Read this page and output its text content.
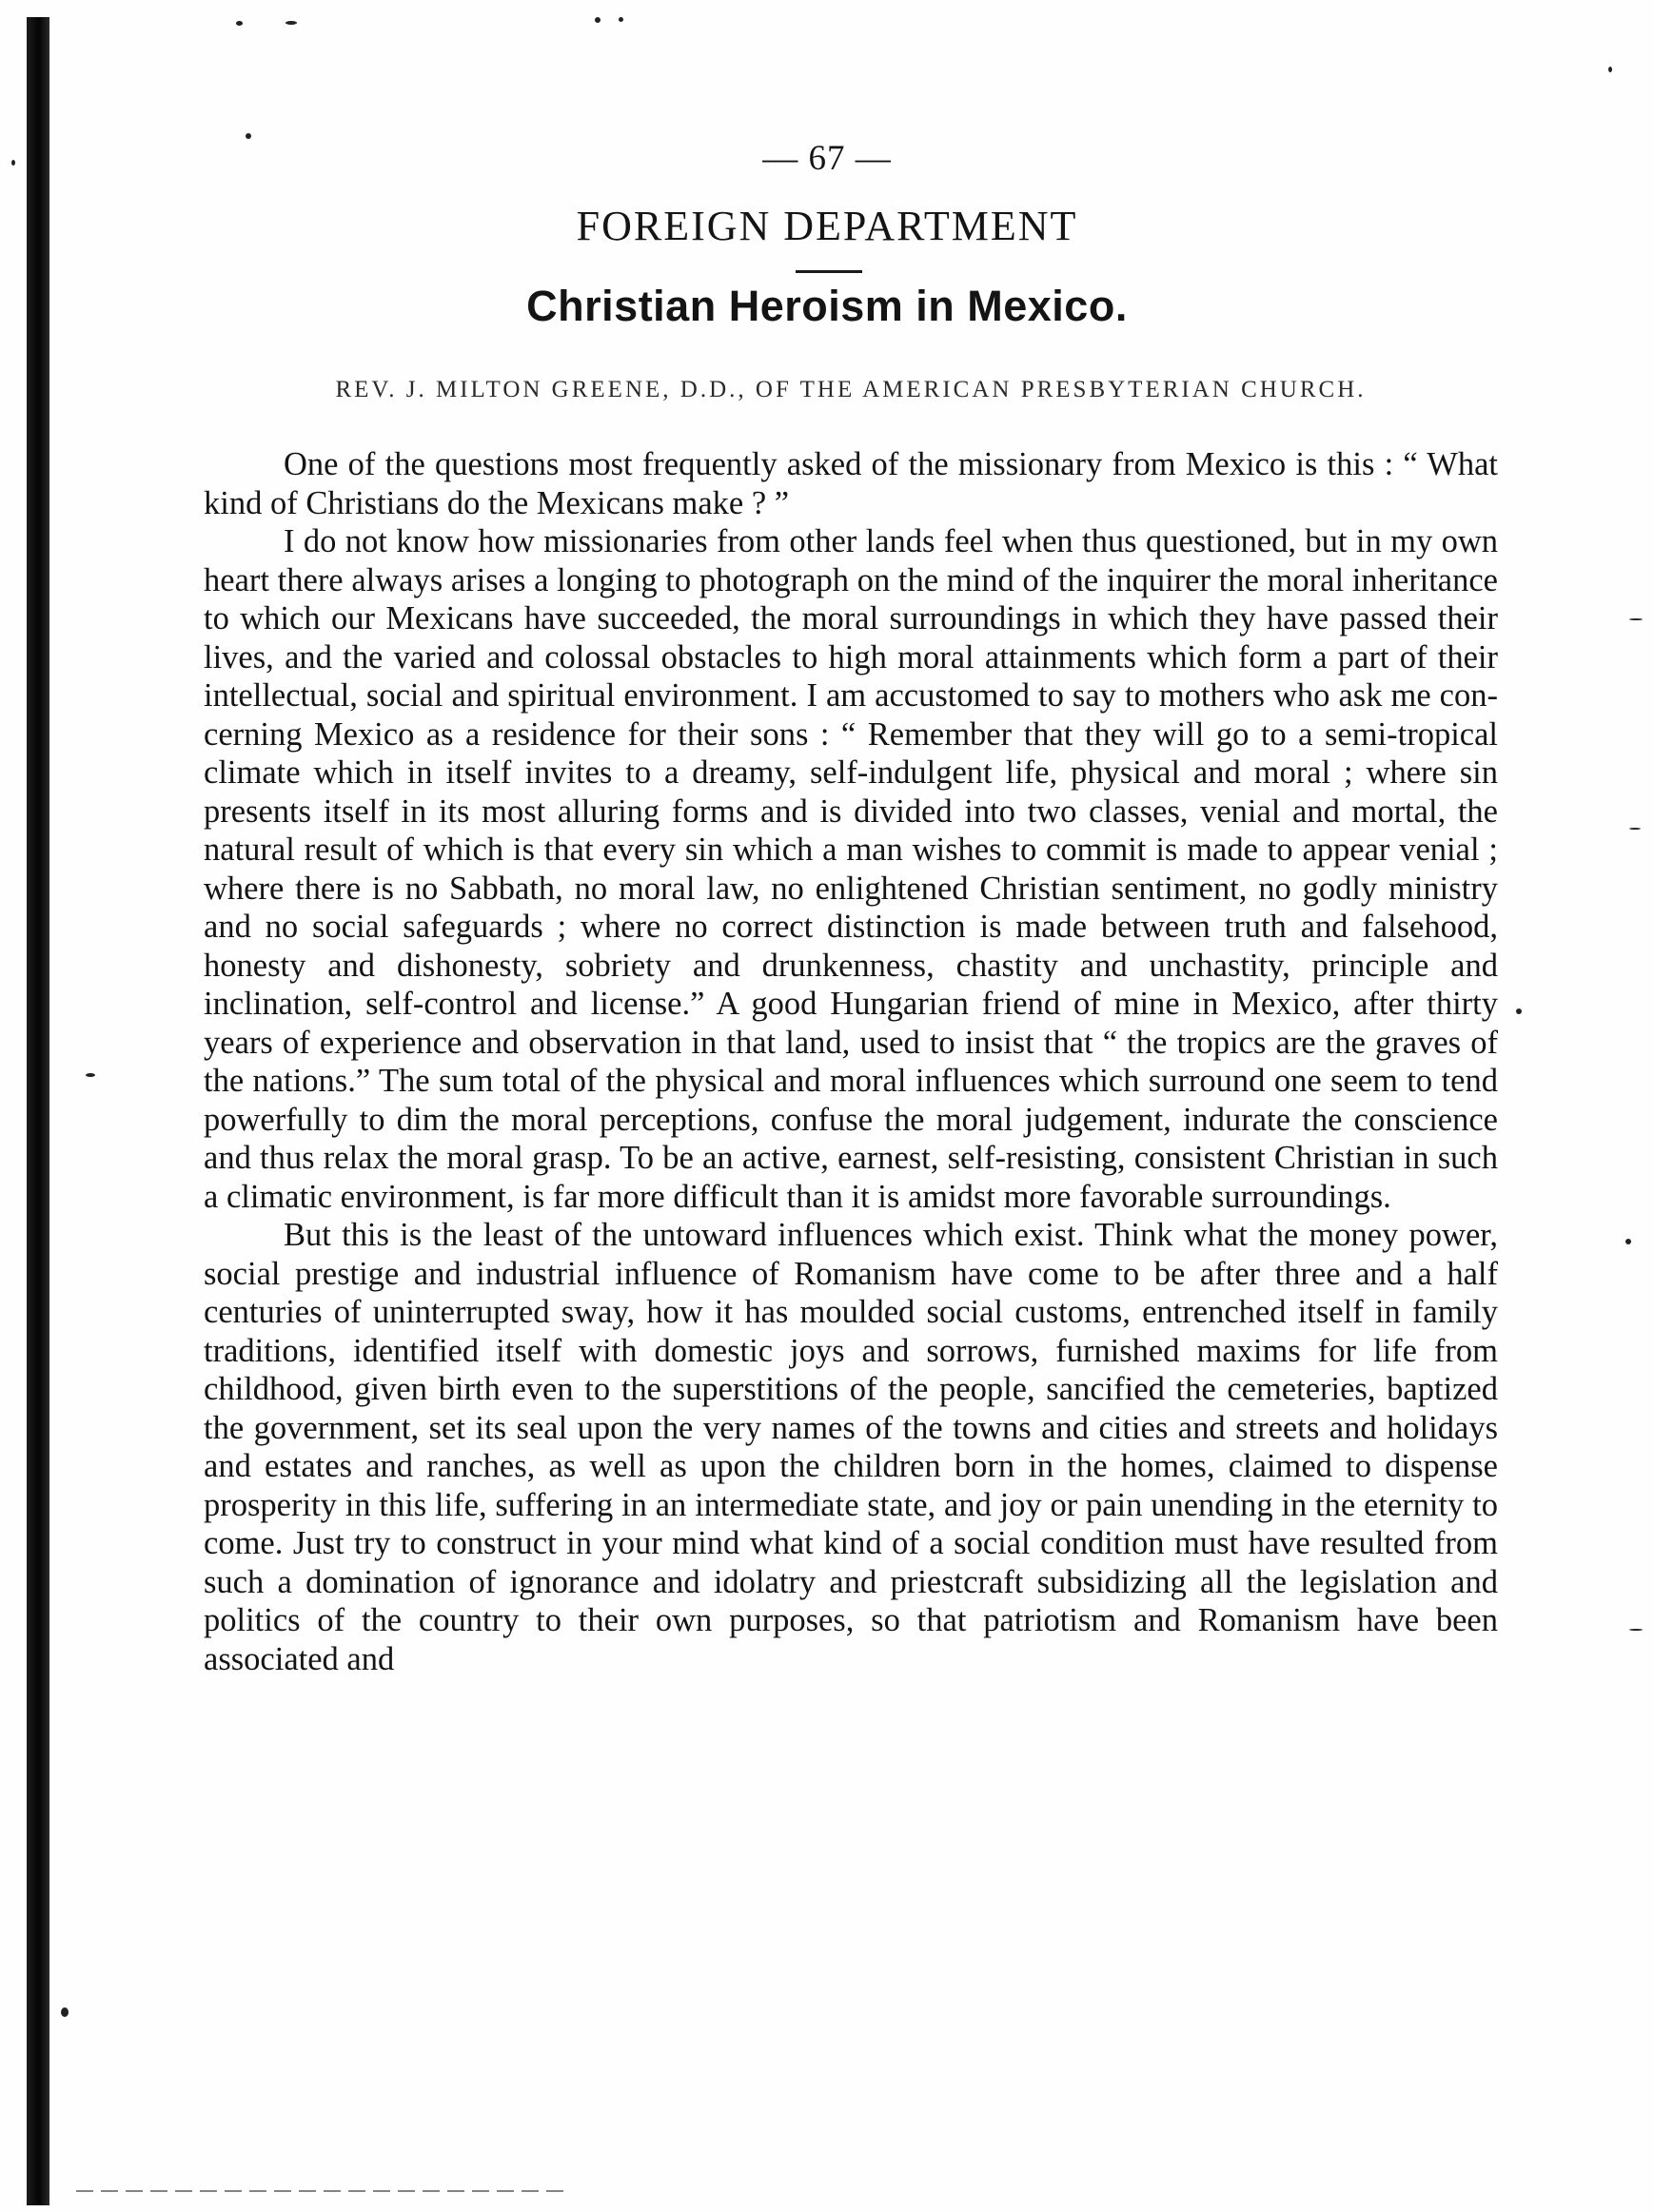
— 67 —
FOREIGN DEPARTMENT
Christian Heroism in Mexico.
REV. J. MILTON GREENE, D.D., OF THE AMERICAN PRESBYTERIAN CHURCH.

One of the questions most frequently asked of the missionary from Mexico is this : “ What kind of Christians do the Mexicans make ? ”

I do not know how missionaries from other lands feel when thus questioned, but in my own heart there always arises a longing to photograph on the mind of the inquirer the moral inheritance to which our Mexicans have succeeded, the moral surroundings in which they have passed their lives, and the varied and colossal obstacles to high moral attainments which form a part of their intellectual, social and spiritual environment. I am accustomed to say to mothers who ask me concerning Mexico as a residence for their sons : “ Remember that they will go to a semi-tropical climate which in itself invites to a dreamy, self-indulgent life, physical and moral ; where sin presents itself in its most alluring forms and is divided into two classes, venial and mortal, the natural result of which is that every sin which a man wishes to commit is made to appear venial ; where there is no Sabbath, no moral law, no enlightened Christian sentiment, no godly ministry and no social safeguards ; where no correct distinction is made between truth and falsehood, honesty and dishonesty, sobriety and drunkenness, chastity and unchastity, principle and inclination, self-control and license.” A good Hungarian friend of mine in Mexico, after thirty years of experience and observation in that land, used to insist that “ the tropics are the graves of the nations.” The sum total of the physical and moral influences which surround one seem to tend powerfully to dim the moral perceptions, confuse the moral judgement, indurate the conscience and thus relax the moral grasp. To be an active, earnest, self-resisting, consistent Christian in such a climatic environment, is far more difficult than it is amidst more favorable surroundings.

But this is the least of the untoward influences which exist. Think what the money power, social prestige and industrial influence of Romanism have come to be after three and a half centuries of uninterrupted sway, how it has moulded social customs, entrenched itself in family traditions, identified itself with domestic joys and sorrows, furnished maxims for life from childhood, given birth even to the superstitions of the people, sancified the cemeteries, baptized the government, set its seal upon the very names of the towns and cities and streets and holidays and estates and ranches, as well as upon the children born in the homes, claimed to dispense prosperity in this life, suffering in an intermediate state, and joy or pain unending in the eternity to come. Just try to construct in your mind what kind of a social condition must have resulted from such a domination of ignorance and idolatry and priestcraft subsidizing all the legislation and politics of the country to their own purposes, so that patriotism and Romanism have been associated and
